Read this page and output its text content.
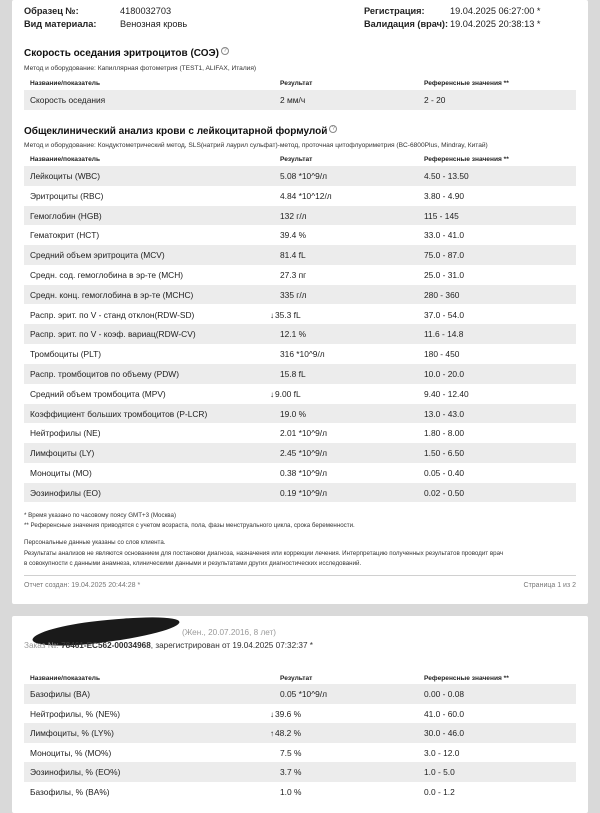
Образец №:	4180032703	Регистрация:	19.04.2025 06:27:00 *
Вид материала:	Венозная кровь	Валидация (врач): 19.04.2025 20:38:13 *
Скорость оседания эритроцитов (СОЭ) ?
Метод и оборудование: Капиллярная фотометрия (TEST1, ALIFAX, Италия)
Название/показатель	Результат	Референсные значения **
Скорость оседания	2 мм/ч	2 - 20
Общеклинический анализ крови с лейкоцитарной формулой ?
Метод и оборудование: Кондуктометрический метод, SLS(натрий лаурил сульфат)-метод, проточная цитофлуориметрия (BC-6800Plus, Mindray, Китай)
Название/показатель	Результат	Референсные значения **
Лейкоциты (WBC)	5.08 *10^9/л	4.50 - 13.50
Эритроциты (RBC)	4.84 *10^12/л	3.80 - 4.90
Гемоглобин (HGB)	132 г/л	115 - 145
Гематокрит (HCT)	39.4 %	33.0 - 41.0
Средний объем эритроцита (MCV)	81.4 fL	75.0 - 87.0
Средн. сод. гемоглобина в эр-те (MCH)	27.3 пг	25.0 - 31.0
Средн. конц. гемоглобина в эр-те (MCHC)	335 г/л	280 - 360
Распр. эрит. по V - станд отклон(RDW-SD)	↓35.3 fL	37.0 - 54.0
Распр. эрит. по V - коэф. вариац(RDW-CV)	12.1 %	11.6 - 14.8
Тромбоциты (PLT)	316 *10^9/л	180 - 450
Распр. тромбоцитов по объему (PDW)	15.8 fL	10.0 - 20.0
Средний объем тромбоцита (MPV)	↓9.00 fL	9.40 - 12.40
Коэффициент больших тромбоцитов (P-LCR)	19.0 %	13.0 - 43.0
Нейтрофилы (NE)	2.01 *10^9/л	1.80 - 8.00
Лимфоциты (LY)	2.45 *10^9/л	1.50 - 6.50
Моноциты (MO)	0.38 *10^9/л	0.05 - 0.40
Эозинофилы (EO)	0.19 *10^9/л	0.02 - 0.50
* Время указано по часовому поясу GMT+3 (Москва)
** Референсные значения приводятся с учетом возраста, пола, фазы менструального цикла, срока беременности.
Персональные данные указаны со слов клиента.
Результаты анализов не являются основанием для постановки диагноза, назначения или коррекции лечения. Интерпретацию полученных результатов проводит врач
в совокупности с данными анамнеза, клиническими данными и результатами других диагностических исследований.
Отчет создан: 19.04.2025 20:44:28 *	Страница 1 из 2
(Жен., 20.07.2016, 8 лет)
Заказ №: 78461-EC562-00034968, зарегистрирован от 19.04.2025 07:32:37 *
Название/показатель	Результат	Референсные значения **
Базофилы (BA)	0.05 *10^9/л	0.00 - 0.08
Нейтрофилы, % (NE%)	↓39.6 %	41.0 - 60.0
Лимфоциты, % (LY%)	↑48.2 %	30.0 - 46.0
Моноциты, % (MO%)	7.5 %	3.0 - 12.0
Эозинофилы, % (EO%)	3.7 %	1.0 - 5.0
Базофилы, % (BA%)	1.0 %	0.0 - 1.2
